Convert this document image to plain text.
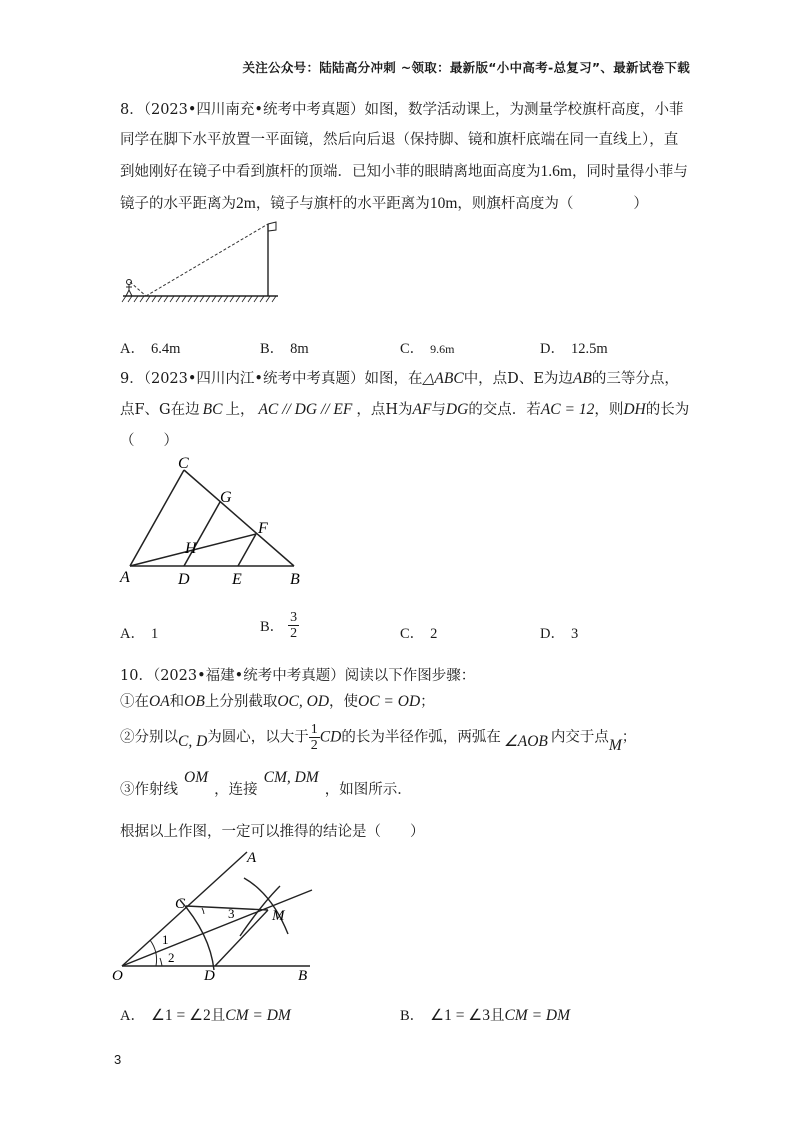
关注公众号：陆陆高分冲刺 ~领取：最新版“小中高考-总复习”、最新试卷下载
8．（2023•四川南充•统考中考真题）如图，数学活动课上，为测量学校旗杆高度，小菲
同学在脚下水平放置一平面镜，然后向后退（保持脚、镜和旗杆底端在同一直线上），直
到她刚好在镜子中看到旗杆的顶端．已知小菲的眼睛离地面高度为1.6m，同时量得小菲与
镜子的水平距离为2m，镜子与旗杆的水平距离为10m，则旗杆高度为（	）
A． 6.4m	B． 8m	C． 9.6m	D． 12.5m
9．（2023•四川内江•统考中考真题）如图，在△ABC中，点D、E为边AB的三等分点，
点F、G在边 BC 上， AC // DG // EF ，点H为AF与DG的交点．若AC = 12，则DH的长为
（　　）
C
G
F
H
A	D	E	B
A． 1	B． $\frac{3}{2}$	C． 2	D． 3
10．（2023•福建•统考中考真题）阅读以下作图步骤：
①在OA和OB上分别截取OC, OD，使OC = OD；
②分别以C, D为圆心，以大于 $\frac{1}{2}$ CD的长为半径作弧，两弧在 ∠AOB 内交于点M；
③作射线OM，连接CM, DM，如图所示．
根据以上作图，一定可以推得的结论是（　　）
A
C
M
O	D	B
1
2
3
A． ∠1 = ∠2且CM = DM	B． ∠1 = ∠3且CM = DM
3
